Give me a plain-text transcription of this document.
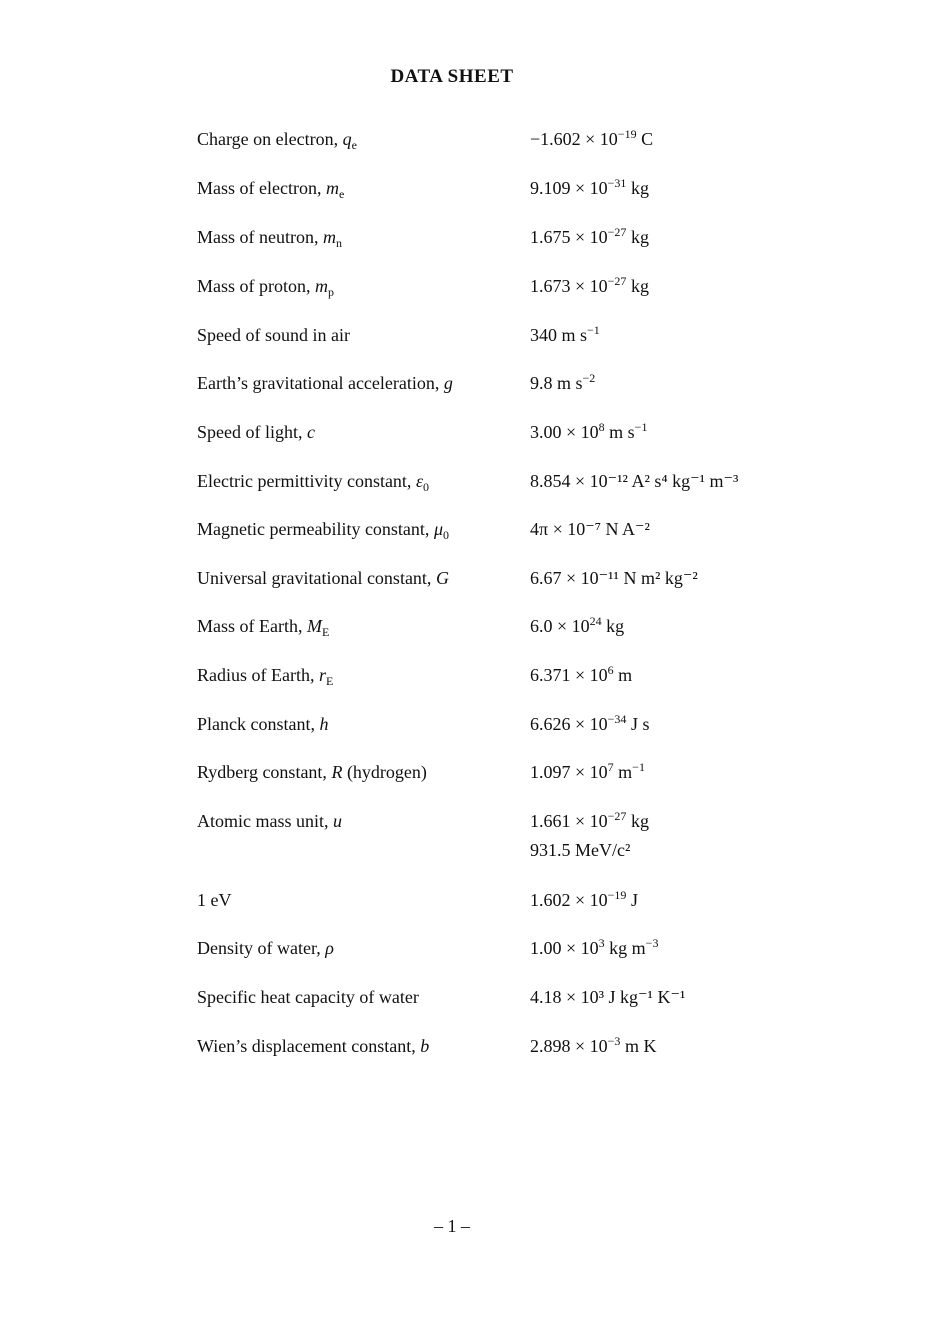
DATA SHEET
Charge on electron, $q_e$	$-1.602 \times 10^{-19}$ C
Mass of electron, $m_e$	$9.109 \times 10^{-31}$ kg
Mass of neutron, $m_n$	$1.675 \times 10^{-27}$ kg
Mass of proton, $m_p$	$1.673 \times 10^{-27}$ kg
Speed of sound in air	340 m $s^{-1}$
Earth’s gravitational acceleration, g	9.8 m $s^{-2}$
Speed of light, c	$3.00 \times 10^8$ m $s^{-1}$
Electric permittivity constant, $\varepsilon_0$	8.854 × 10⁻¹² A² s⁴ kg⁻¹ m⁻³
Magnetic permeability constant, $\mu_0$	4π × 10⁻⁷ N A⁻²
Universal gravitational constant, G	6.67 × 10⁻¹¹ N m² kg⁻²
Mass of Earth, $M_E$	$6.0 \times 10^{24}$ kg
Radius of Earth, $r_E$	$6.371 \times 10^6$ m
Planck constant, h	$6.626 \times 10^{-34}$ J s
Rydberg constant, R (hydrogen)	$1.097 \times 10^7$ $m^{-1}$
Atomic mass unit, u	$1.661 \times 10^{-27}$ kg
931.5 MeV/c²
1 eV	$1.602 \times 10^{-19}$ J
Density of water, ρ	$1.00 \times 10^3$ kg $m^{-3}$
Specific heat capacity of water	4.18 × 10³ J kg⁻¹ K⁻¹
Wien’s displacement constant, b	$2.898 \times 10^{-3}$ m K
– 1 –
